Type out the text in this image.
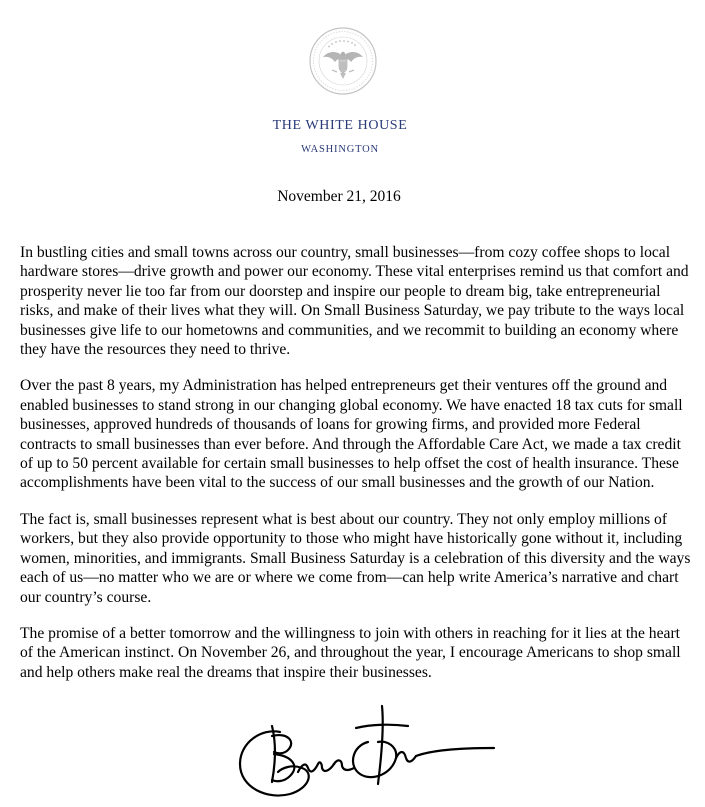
THE WHITE HOUSE
WASHINGTON
November 21, 2016

In bustling cities and small towns across our country, small businesses—from cozy coffee shops to local hardware stores—drive growth and power our economy. These vital enterprises remind us that comfort and prosperity never lie too far from our doorstep and inspire our people to dream big, take entrepreneurial risks, and make of their lives what they will. On Small Business Saturday, we pay tribute to the ways local businesses give life to our hometowns and communities, and we recommit to building an economy where they have the resources they need to thrive.

Over the past 8 years, my Administration has helped entrepreneurs get their ventures off the ground and enabled businesses to stand strong in our changing global economy. We have enacted 18 tax cuts for small businesses, approved hundreds of thousands of loans for growing firms, and provided more Federal contracts to small businesses than ever before. And through the Affordable Care Act, we made a tax credit of up to 50 percent available for certain small businesses to help offset the cost of health insurance. These accomplishments have been vital to the success of our small businesses and the growth of our Nation.

The fact is, small businesses represent what is best about our country. They not only employ millions of workers, but they also provide opportunity to those who might have historically gone without it, including women, minorities, and immigrants. Small Business Saturday is a celebration of this diversity and the ways each of us—no matter who we are or where we come from—can help write America’s narrative and chart our country’s course.

The promise of a better tomorrow and the willingness to join with others in reaching for it lies at the heart of the American instinct. On November 26, and throughout the year, I encourage Americans to shop small and help others make real the dreams that inspire their businesses.
